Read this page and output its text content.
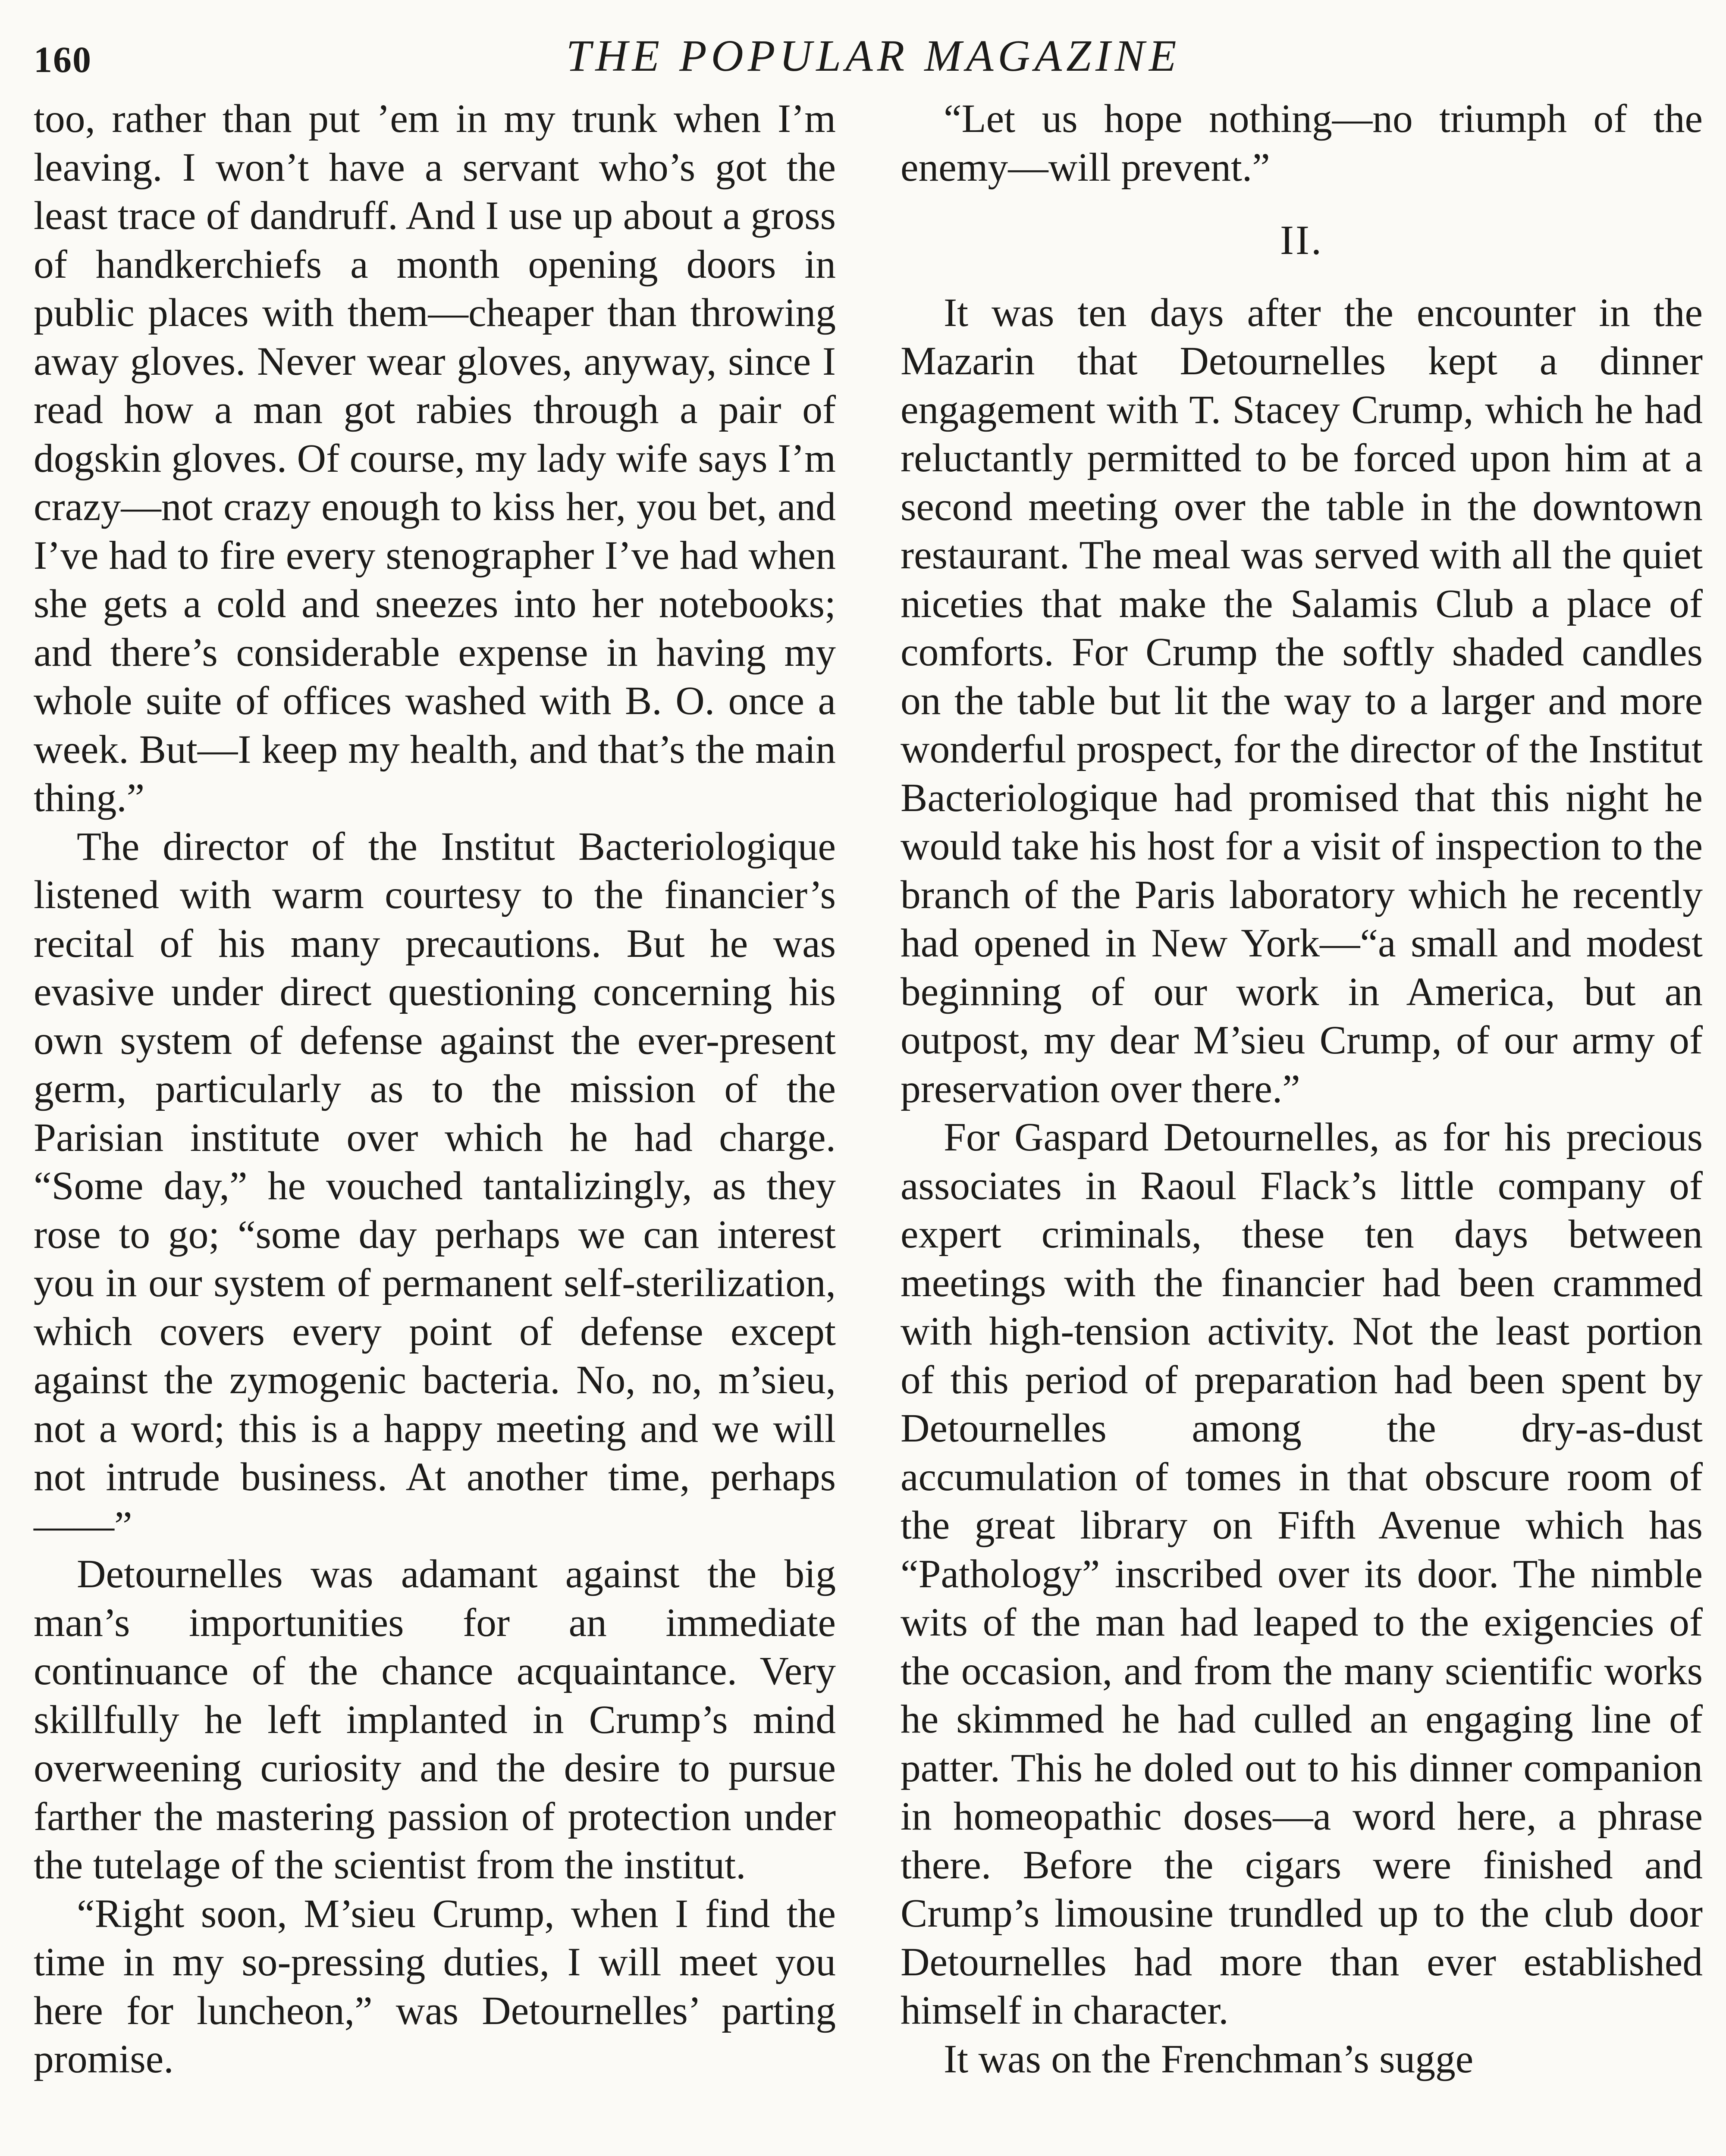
160	THE POPULAR MAGAZINE

too, rather than put ’em in my trunk when I’m leaving. I won’t have a servant who’s got the least trace of dandruff. And I use up about a gross of handkerchiefs a month opening doors in public places with them—cheaper than throwing away gloves. Never wear gloves, anyway, since I read how a man got rabies through a pair of dogskin gloves. Of course, my lady wife says I’m crazy—not crazy enough to kiss her, you bet, and I’ve had to fire every stenographer I’ve had when she gets a cold and sneezes into her notebooks; and there’s considerable expense in having my whole suite of offices washed with B. O. once a week. But—I keep my health, and that’s the main thing.”

The director of the Institut Bacteriologique listened with warm courtesy to the financier’s recital of his many precautions. But he was evasive under direct questioning concerning his own system of defense against the ever-present germ, particularly as to the mission of the Parisian institute over which he had charge. “Some day,” he vouched tantalizingly, as they rose to go; “some day perhaps we can interest you in our system of permanent self-sterilization, which covers every point of defense except against the zymogenic bacteria. No, no, m’sieu, not a word; this is a happy meeting and we will not intrude business. At another time, perhaps——”

Detournelles was adamant against the big man’s importunities for an immediate continuance of the chance acquaintance. Very skillfully he left implanted in Crump’s mind overweening curiosity and the desire to pursue farther the mastering passion of protection under the tutelage of the scientist from the institut.

“Right soon, M’sieu Crump, when I find the time in my so-pressing duties, I will meet you here for luncheon,” was Detournelles’ parting promise.

“Let us hope nothing—no triumph of the enemy—will prevent.”

II.

It was ten days after the encounter in the Mazarin that Detournelles kept a dinner engagement with T. Stacey Crump, which he had reluctantly permitted to be forced upon him at a second meeting over the table in the downtown restaurant. The meal was served with all the quiet niceties that make the Salamis Club a place of comforts. For Crump the softly shaded candles on the table but lit the way to a larger and more wonderful prospect, for the director of the Institut Bacteriologique had promised that this night he would take his host for a visit of inspection to the branch of the Paris laboratory which he recently had opened in New York—“a small and modest beginning of our work in America, but an outpost, my dear M’sieu Crump, of our army of preservation over there.”

For Gaspard Detournelles, as for his precious associates in Raoul Flack’s little company of expert criminals, these ten days between meetings with the financier had been crammed with high-tension activity. Not the least portion of this period of preparation had been spent by Detournelles among the dry-as-dust accumulation of tomes in that obscure room of the great library on Fifth Avenue which has “Pathology” inscribed over its door. The nimble wits of the man had leaped to the exigencies of the occasion, and from the many scientific works he skimmed he had culled an engaging line of patter. This he doled out to his dinner companion in homeopathic doses—a word here, a phrase there. Before the cigars were finished and Crump’s limousine trundled up to the club door Detournelles had more than ever established himself in character.

It was on the Frenchman’s sugge
